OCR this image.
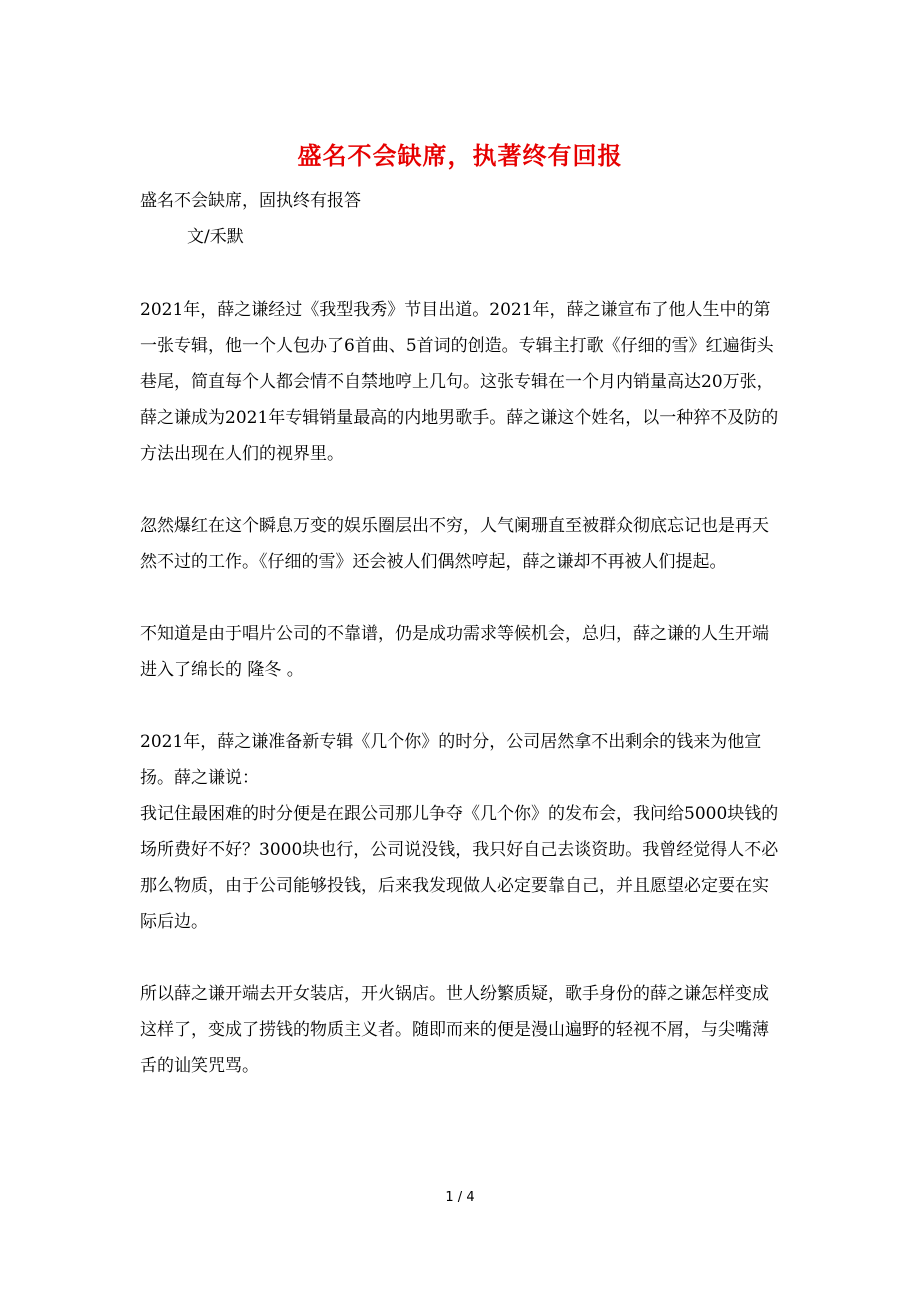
盛名不会缺席，执著终有回报
盛名不会缺席，固执终有报答
文/禾默

2021年，薛之谦经过《我型我秀》节目出道。2021年，薛之谦宣布了他人生中的第一张专辑，他一个人包办了6首曲、5首词的创造。专辑主打歌《仔细的雪》红遍街头巷尾，简直每个人都会情不自禁地哼上几句。这张专辑在一个月内销量高达20万张，薛之谦成为2021年专辑销量最高的内地男歌手。薛之谦这个姓名，以一种猝不及防的方法出现在人们的视界里。

忽然爆红在这个瞬息万变的娱乐圈层出不穷，人气阑珊直至被群众彻底忘记也是再天然不过的工作。《仔细的雪》还会被人们偶然哼起，薛之谦却不再被人们提起。

不知道是由于唱片公司的不靠谱，仍是成功需求等候机会，总归，薛之谦的人生开端进入了绵长的 隆冬 。

2021年，薛之谦准备新专辑《几个你》的时分，公司居然拿不出剩余的钱来为他宣扬。薛之谦说：

我记住最困难的时分便是在跟公司那儿争夺《几个你》的发布会，我问给5000块钱的场所费好不好？3000块也行，公司说没钱，我只好自己去谈资助。我曾经觉得人不必那么物质，由于公司能够投钱，后来我发现做人必定要靠自己，并且愿望必定要在实际后边。

所以薛之谦开端去开女装店，开火锅店。世人纷繁质疑，歌手身份的薛之谦怎样变成这样了，变成了捞钱的物质主义者。随即而来的便是漫山遍野的轻视不屑，与尖嘴薄舌的讪笑咒骂。

1 / 4
